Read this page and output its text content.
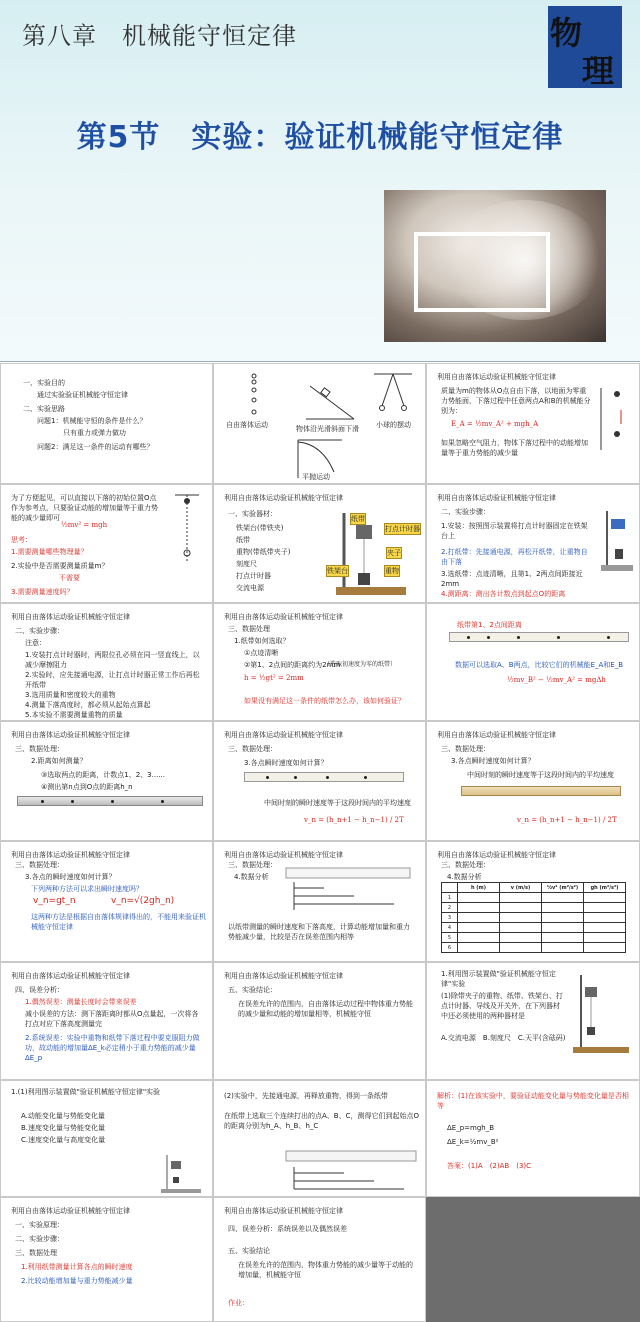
第八章　机械能守恒定律	物
理
第5节　实验：验证机械能守恒定律
一、实验目的
通过实验验证机械能守恒定律
二、实验思路
问题1：机械能守恒的条件是什么？
只有重力或弹力做功
问题2：满足这一条件的运动有哪些？
自由落体运动	物体沿光滑斜面下滑 小球的摆动
平抛运动
利用自由落体运动验证机械能守恒定律
质量为m的物体从O点自由下落，以地面为零重力势能面，下落过程中任意两点A和B的机械能分别为：
E_A = ½mv_A² + mgh_A
如果忽略空气阻力，物体下落过程中的动能增加量等于重力势能的减少量
为了方便起见，可以直接以下落的初始位置O点作为参考点，只要验证动能的增加量等于重力势能的减少量即可
½mv² = mgh
思考：
1.需要测量哪些物理量？
2.实验中是否需要测量质量m？
不需要
3.需要测量速度吗？
利用自由落体运动验证机械能守恒定律
一、实验器材：
铁架台(带铁夹)
纸带
重物(带纸带夹子)
刻度尺
打点计时器
交流电源
纸带
打点计时器
夹子
重物
铁架台
利用自由落体运动验证机械能守恒定律
二、实验步骤：
1.安装：按照图示装置将打点计时器固定在铁架台上
2.打纸带：先接通电源，再松开纸带，让重物自由下落
3.选纸带：点迹清晰，且第1、2两点间距接近2mm
4.测距离：测出各计数点到起点O的距离
利用自由落体运动验证机械能守恒定律
二、实验步骤：
注意：
1.安装打点计时器时，两限位孔必须在同一竖直线上，以减少摩擦阻力
2.实验时，应先接通电源，让打点计时器正常工作后再松开纸带
3.选用质量和密度较大的重物
4.测量下落高度时，都必须从起始点算起
5.本实验不需要测量重物的质量
利用自由落体运动验证机械能守恒定律
三、数据处理
1.纸带如何选取？
①点迹清晰
②第1、2点间的距离约为2mm
（选取初速度为零的纸带）
h = ½gt² = 2mm
如果没有满足这一条件的纸带怎么办，该如何验证？
纸带第1、2点间距离
数据可以选取A、B两点，比较它们的机械能E_A和E_B
½mv_B² − ½mv_A² = mgΔh
利用自由落体运动验证机械能守恒定律
三、数据处理：
2.距离如何测量？
③选取两点的距离，计数点1、2、3......
④测出第n点到O点的距离h_n
利用自由落体运动验证机械能守恒定律
三、数据处理：
3.各点瞬时速度如何计算？
中间时刻的瞬时速度等于这段时间内的平均速度
v_n = (h_n+1 − h_n−1) / 2T
利用自由落体运动验证机械能守恒定律
三、数据处理：
3.各点瞬时速度如何计算？
中间时刻的瞬时速度等于这段时间内的平均速度
v_n = (h_n+1 − h_n−1) / 2T
利用自由落体运动验证机械能守恒定律
三、数据处理：
3.各点的瞬时速度如何计算？
下列两种方法可以求出瞬时速度吗？
v_n=gt_n	v_n=√(2gh_n)
这两种方法是根据自由落体规律得出的，不能用来验证机械能守恒定律
利用自由落体运动验证机械能守恒定律
三、数据处理：
4.数据分析
以纸带测量的瞬时速度和下落高度，计算动能增加量和重力势能减少量，比较是否在误差范围内相等
利用自由落体运动验证机械能守恒定律
三、数据处理：
4.数据分析
	h (m)	v (m/s)	½v² (m²/s²)	gh (m²/s²)
1				
2				
3				
4				
5				
6				
利用自由落体运动验证机械能守恒定律
四、误差分析：
1.偶然误差：测量长度时会带来误差
减小误差的方法：测下落距离时都从O点量起，一次将各打点对应下落高度测量完
2.系统误差：实验中重物和纸带下落过程中要克服阻力做功，故动能的增加量ΔE_k必定稍小于重力势能的减少量ΔE_p
利用自由落体运动验证机械能守恒定律
五、实验结论：
在误差允许的范围内，自由落体运动过程中物体重力势能的减少量和动能的增加量相等，机械能守恒
1.利用图示装置做"验证机械能守恒定律"实验
(1)除带夹子的重物、纸带、铁架台、打点计时器、导线及开关外，在下列器材中还必须使用的两种器材是
A.交流电源　B.刻度尺　C.天平(含砝码)
1.(1)利用图示装置做"验证机械能守恒定律"实验
A.动能变化量与势能变化量
B.速度变化量与势能变化量
C.速度变化量与高度变化量
(2)实验中，先接通电源，再释放重物，得到一条纸带
在纸带上选取三个连续打出的点A、B、C，测得它们到起始点O的距离分别为h_A、h_B、h_C
解析：(1)在该实验中，要验证动能变化量与势能变化量是否相等
ΔE_p=mgh_B
ΔE_k=½mv_B²
答案：(1)A　(2)AB　(3)C
利用自由落体运动验证机械能守恒定律
一、实验原理：
二、实验步骤：
三、数据处理
1.利用纸带测量计算各点的瞬时速度
2.比较动能增加量与重力势能减少量
利用自由落体运动验证机械能守恒定律
四、误差分析：系统误差以及偶然误差
五、实验结论
作业：
在误差允许的范围内，物体重力势能的减少量等于动能的增加量，机械能守恒
